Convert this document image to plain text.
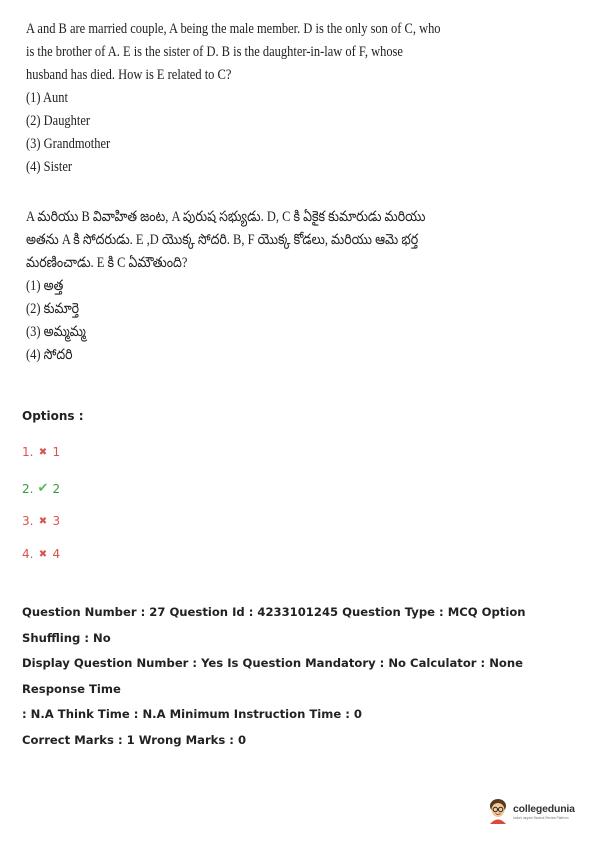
A and B are married couple, A being the male member. D is the only son of C, who is the brother of A. E is the sister of D. B is the daughter-in-law of F, whose husband has died. How is E related to C?

(1) Aunt

(2) Daughter

(3) Grandmother

(4) Sister

A మరియు B వివాహిత జంట, A పురుష సభ్యుడు. D, C కి ఏకైక కుమారుడు మరియు అతను A కి సోదరుడు. E ,D యొక్క సోదరి. B, F యొక్క కోడలు, మరియు ఆమె భర్త మరణించాడు. E కి C ఏమౌతుంది?

(1) అత్త

(2) కుమార్తె

(3) అమ్మమ్మ

(4) సోదరి

Options :
1. ✖ 1
2. ✔ 2
3. ✖ 3
4. ✖ 4

Question Number : 27 Question Id : 4233101245 Question Type : MCQ Option Shuffling : No

Display Question Number : Yes Is Question Mandatory : No Calculator : None Response Time

: N.A Think Time : N.A Minimum Instruction Time : 0

Correct Marks : 1 Wrong Marks : 0

collegedunia
India's largest Student Review Platform
